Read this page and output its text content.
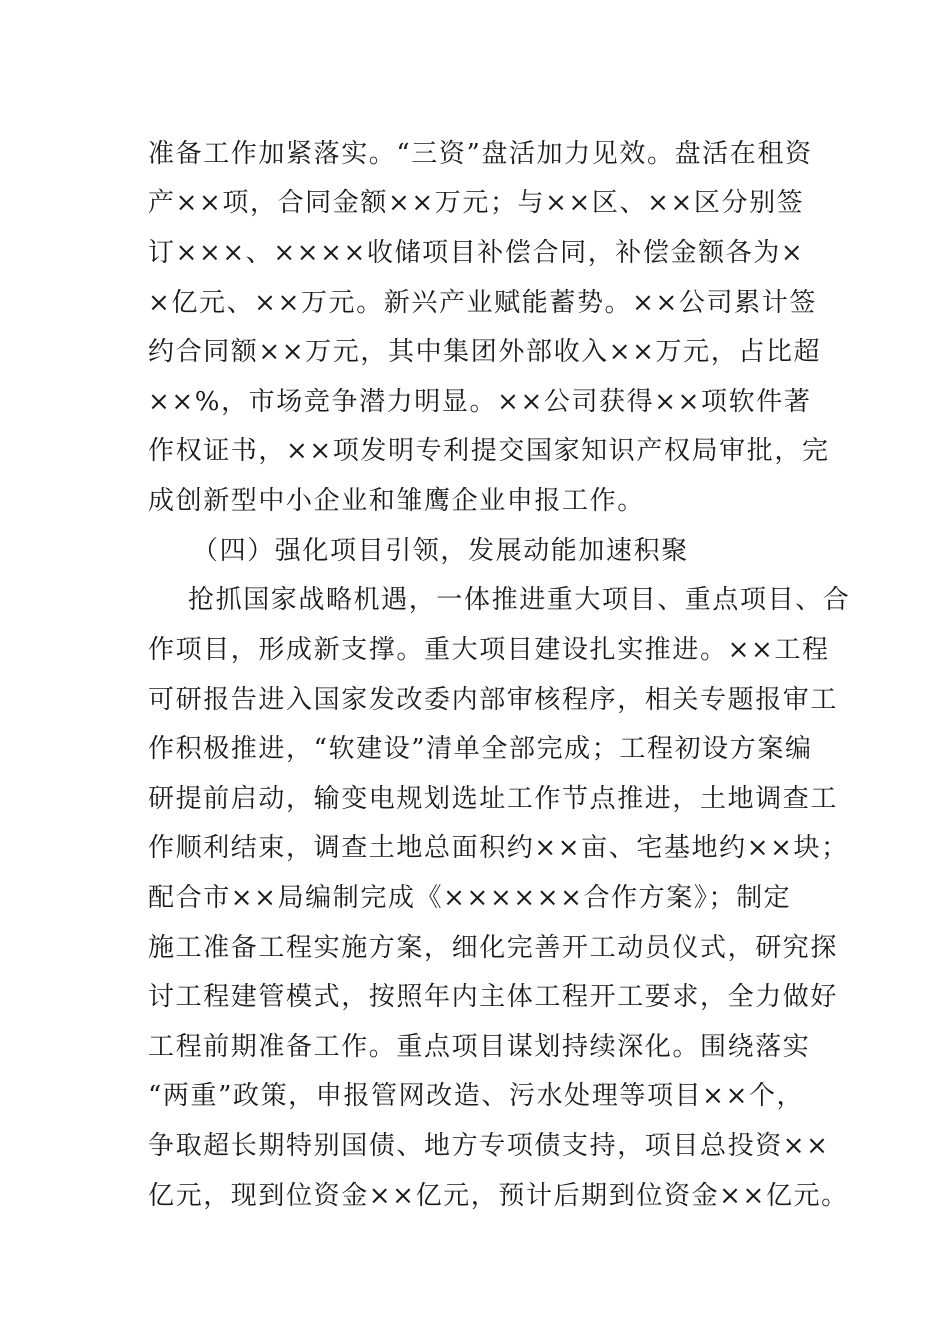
准备工作加紧落实。“三资”盘活加力见效。盘活在租资
产××项，合同金额××万元；与××区、××区分别签
订×××、××××收储项目补偿合同，补偿金额各为×
×亿元、××万元。新兴产业赋能蓄势。××公司累计签
约合同额××万元，其中集团外部收入××万元，占比超
××%，市场竞争潜力明显。××公司获得××项软件著
作权证书，××项发明专利提交国家知识产权局审批，完
成创新型中小企业和雏鹰企业申报工作。
（四）强化项目引领，发展动能加速积聚
抢抓国家战略机遇，一体推进重大项目、重点项目、合
作项目，形成新支撑。重大项目建设扎实推进。××工程
可研报告进入国家发改委内部审核程序，相关专题报审工
作积极推进，“软建设”清单全部完成；工程初设方案编
研提前启动，输变电规划选址工作节点推进，土地调查工
作顺利结束，调查土地总面积约××亩、宅基地约××块；
配合市××局编制完成《××××××合作方案》；制定
施工准备工程实施方案，细化完善开工动员仪式，研究探
讨工程建管模式，按照年内主体工程开工要求，全力做好
工程前期准备工作。重点项目谋划持续深化。围绕落实
“两重”政策，申报管网改造、污水处理等项目××个，
争取超长期特别国债、地方专项债支持，项目总投资××
亿元，现到位资金××亿元，预计后期到位资金××亿元。
